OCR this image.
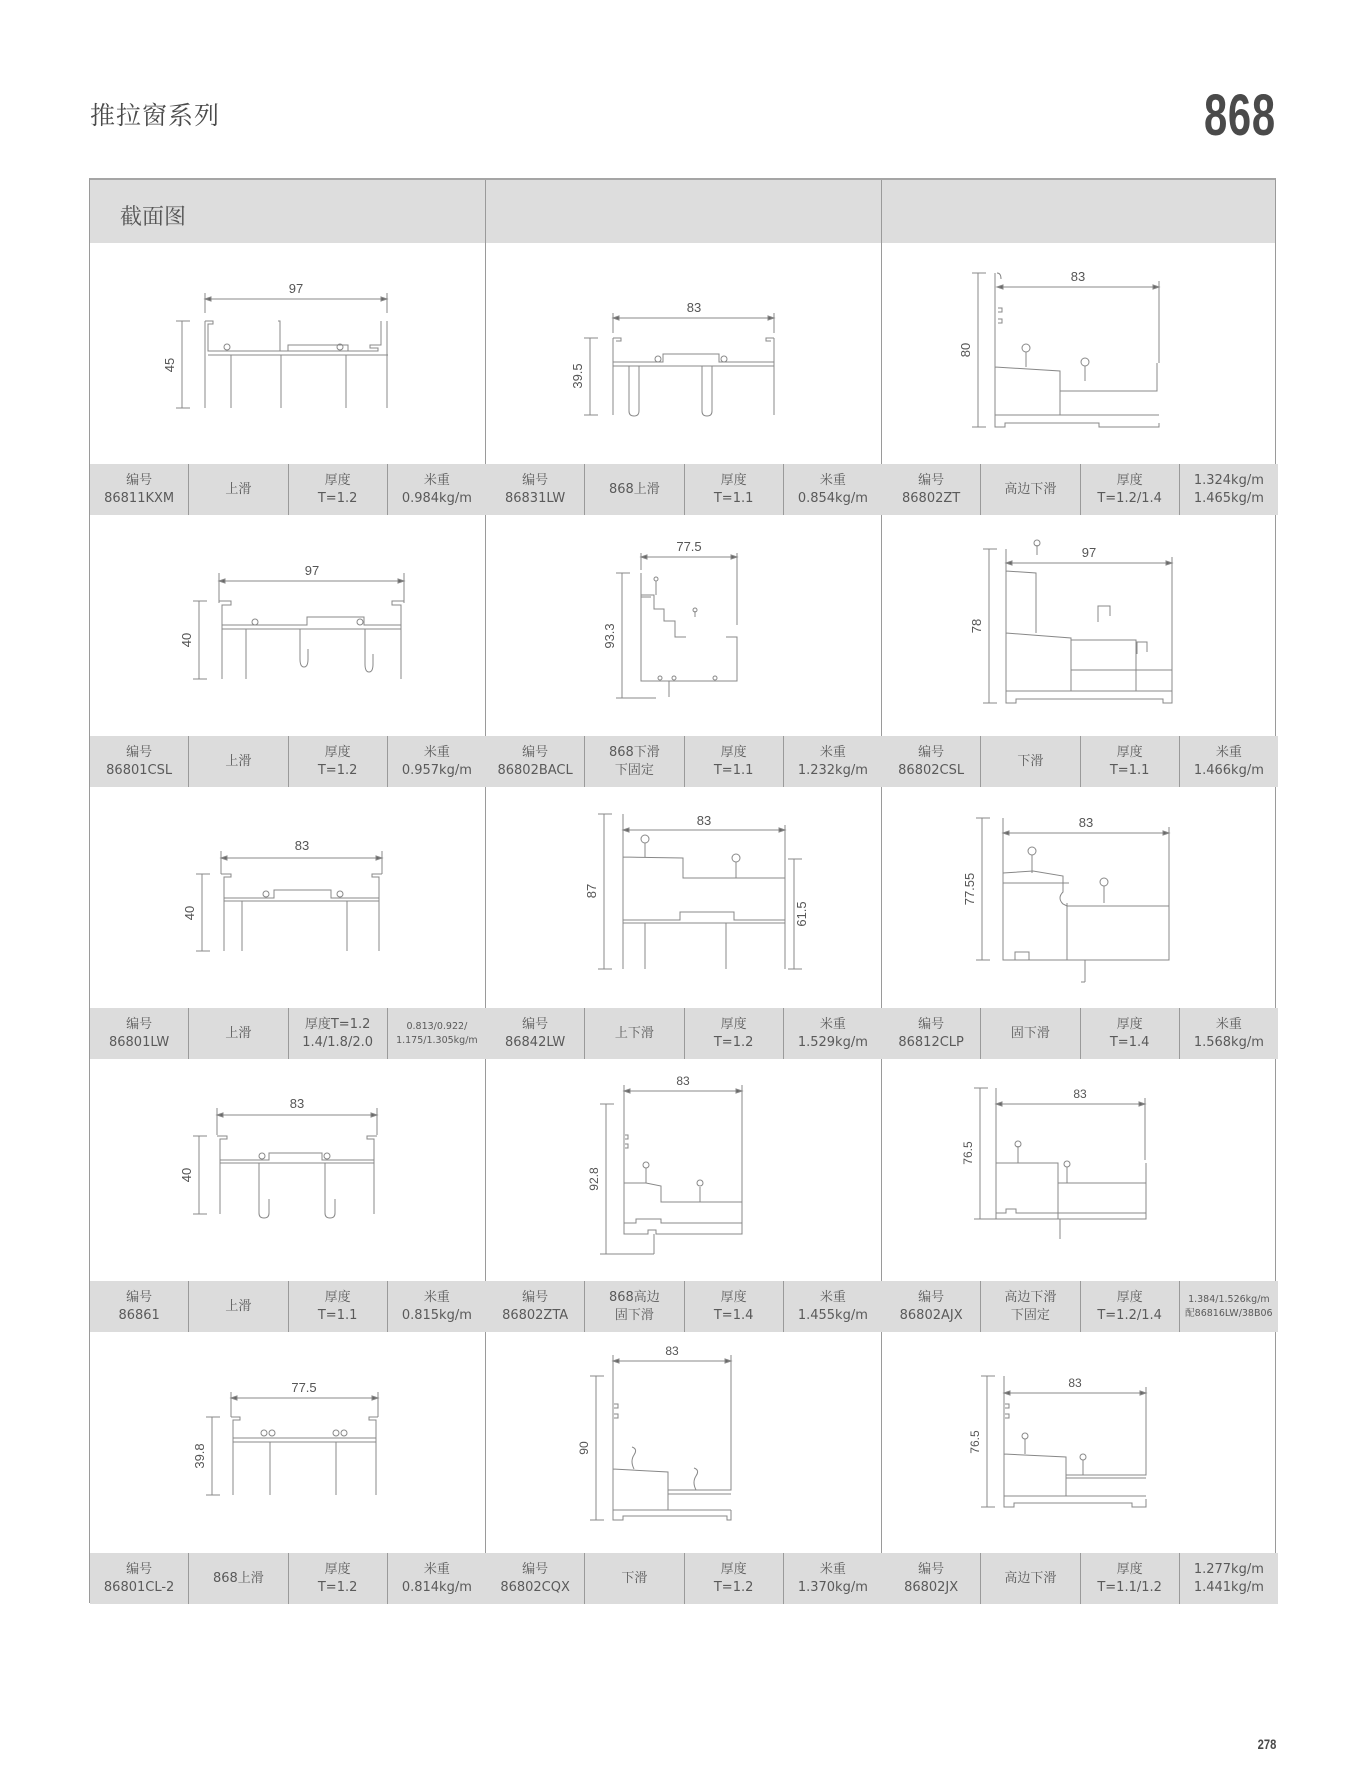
推拉窗系列	868
截面图
97
45
编号
86811KXM
上滑
厚度
T=1.2
米重
0.984kg/m
83
39.5
编号
86831LW
868上滑
厚度
T=1.1
米重
0.854kg/m
83
80
编号
86802ZT
高边下滑
厚度
T=1.2/1.4
1.324kg/m
1.465kg/m
97
40
编号
86801CSL
上滑
厚度
T=1.2
米重
0.957kg/m
77.5
93.3
编号
86802BACL
868下滑
下固定
厚度
T=1.1
米重
1.232kg/m
97
78
编号
86802CSL
下滑
厚度
T=1.1
米重
1.466kg/m
83
40
编号
86801LW
上滑
厚度T=1.2
1.4/1.8/2.0
0.813/0.922/
1.175/1.305kg/m
83
87
61.5
编号
86842LW
上下滑
厚度
T=1.2
米重
1.529kg/m
83
77.55
编号
86812CLP
固下滑
厚度
T=1.4
米重
1.568kg/m
83
40
编号
86861
上滑
厚度
T=1.1
米重
0.815kg/m
83
92.8
编号
86802ZTA
868高边
固下滑
厚度
T=1.4
米重
1.455kg/m
83
76.5
编号
86802AJX
高边下滑
下固定
厚度
T=1.2/1.4
1.384/1.526kg/m
配86816LW/38B06
77.5
39.8
编号
86801CL-2
868上滑
厚度
T=1.2
米重
0.814kg/m
83
90
编号
86802CQX
下滑
厚度
T=1.2
米重
1.370kg/m
83
76.5
编号
86802JX
高边下滑
厚度
T=1.1/1.2
1.277kg/m
1.441kg/m
278
